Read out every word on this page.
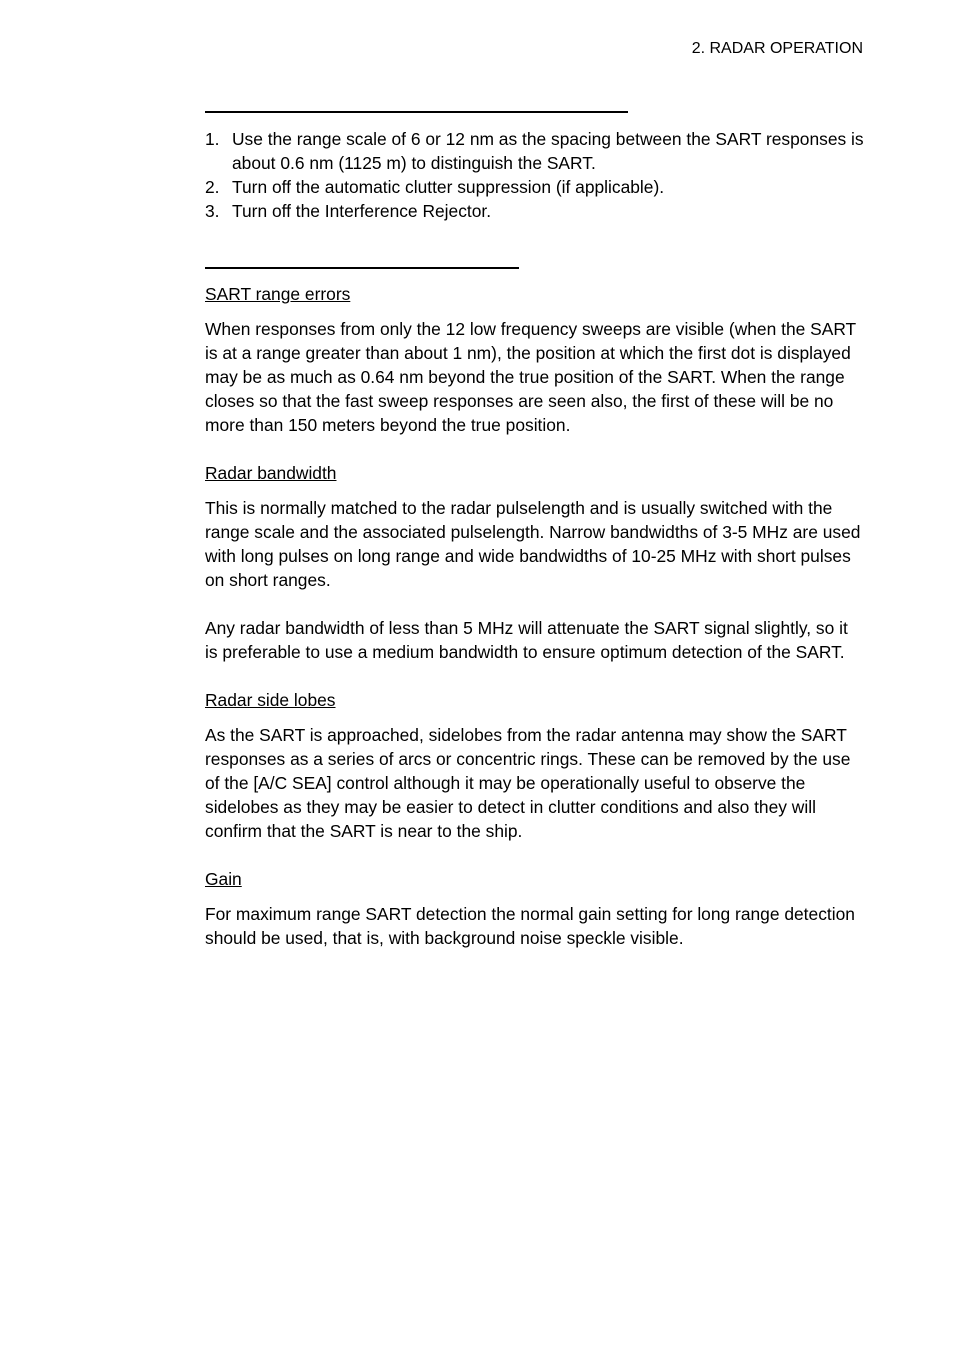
2. RADAR OPERATION
1. Use the range scale of 6 or 12 nm as the spacing between the SART responses is about 0.6 nm (1125 m) to distinguish the SART.
2. Turn off the automatic clutter suppression (if applicable).
3. Turn off the Interference Rejector.
SART range errors

When responses from only the 12 low frequency sweeps are visible (when the SART is at a range greater than about 1 nm), the position at which the first dot is displayed may be as much as 0.64 nm beyond the true position of the SART. When the range closes so that the fast sweep responses are seen also, the first of these will be no more than 150 meters beyond the true position.

Radar bandwidth

This is normally matched to the radar pulselength and is usually switched with the range scale and the associated pulselength. Narrow bandwidths of 3-5 MHz are used with long pulses on long range and wide bandwidths of 10-25 MHz with short pulses on short ranges.

Any radar bandwidth of less than 5 MHz will attenuate the SART signal slightly, so it is preferable to use a medium bandwidth to ensure optimum detection of the SART.

Radar side lobes

As the SART is approached, sidelobes from the radar antenna may show the SART responses as a series of arcs or concentric rings. These can be removed by the use of the [A/C SEA] control although it may be operationally useful to observe the sidelobes as they may be easier to detect in clutter conditions and also they will confirm that the SART is near to the ship.

Gain

For maximum range SART detection the normal gain setting for long range detection should be used, that is, with background noise speckle visible.
